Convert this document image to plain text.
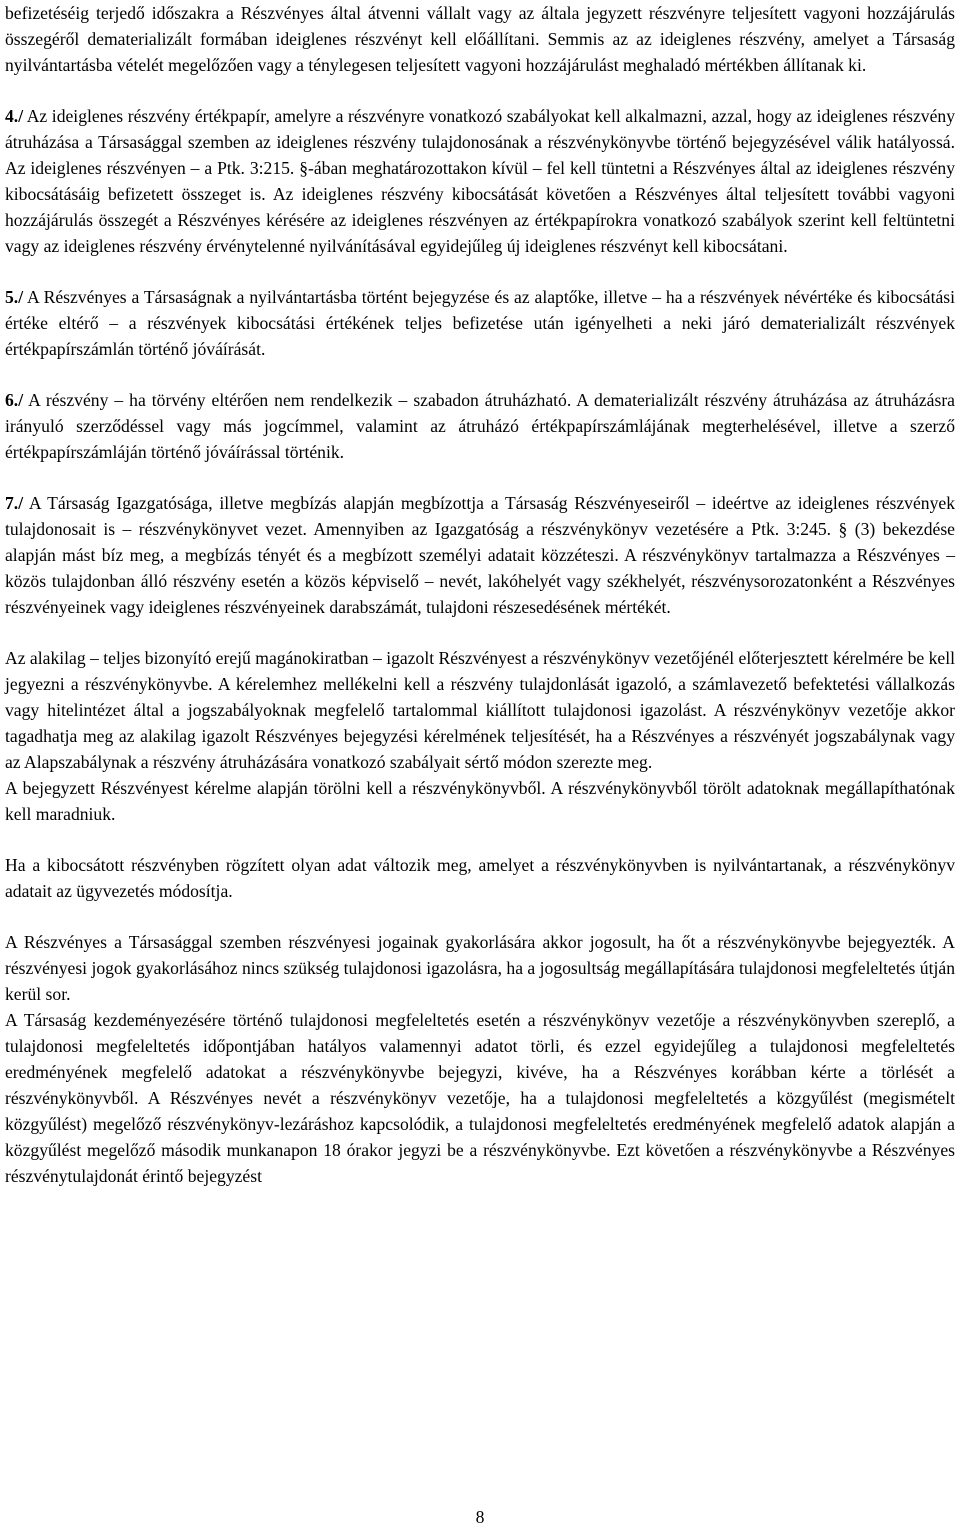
befizetéséig terjedő időszakra a Részvényes által átvenni vállalt vagy az általa jegyzett részvényre teljesített vagyoni hozzájárulás összegéről dematerializált formában ideiglenes részvényt kell előállítani. Semmis az az ideiglenes részvény, amelyet a Társaság nyilvántartásba vételét megelőzően vagy a ténylegesen teljesített vagyoni hozzájárulást meghaladó mértékben állítanak ki.

4./ Az ideiglenes részvény értékpapír, amelyre a részvényre vonatkozó szabályokat kell alkalmazni, azzal, hogy az ideiglenes részvény átruházása a Társasággal szemben az ideiglenes részvény tulajdonosának a részvénykönyvbe történő bejegyzésével válik hatályossá. Az ideiglenes részvényen – a Ptk. 3:215. §-ában meghatározottakon kívül – fel kell tüntetni a Részvényes által az ideiglenes részvény kibocsátásáig befizetett összeget is. Az ideiglenes részvény kibocsátását követően a Részvényes által teljesített további vagyoni hozzájárulás összegét a Részvényes kérésére az ideiglenes részvényen az értékpapírokra vonatkozó szabályok szerint kell feltüntetni vagy az ideiglenes részvény érvénytelenné nyilvánításával egyidejűleg új ideiglenes részvényt kell kibocsátani.

5./ A Részvényes a Társaságnak a nyilvántartásba történt bejegyzése és az alaptőke, illetve – ha a részvények névértéke és kibocsátási értéke eltérő – a részvények kibocsátási értékének teljes befizetése után igényelheti a neki járó dematerializált részvények értékpapírszámlán történő jóváírását.

6./ A részvény – ha törvény eltérően nem rendelkezik – szabadon átruházható. A dematerializált részvény átruházása az átruházásra irányuló szerződéssel vagy más jogcímmel, valamint az átruházó értékpapírszámlájának megterhelésével, illetve a szerző értékpapírszámláján történő jóváírással történik.

7./ A Társaság Igazgatósága, illetve megbízás alapján megbízottja a Társaság Részvényeseiről – ideértve az ideiglenes részvények tulajdonosait is – részvénykönyvet vezet. Amennyiben az Igazgatóság a részvénykönyv vezetésére a Ptk. 3:245. § (3) bekezdése alapján mást bíz meg, a megbízás tényét és a megbízott személyi adatait közzéteszi. A részvénykönyv tartalmazza a Részvényes – közös tulajdonban álló részvény esetén a közös képviselő – nevét, lakóhelyét vagy székhelyét, részvénysorozatonként a Részvényes részvényeinek vagy ideiglenes részvényeinek darabszámát, tulajdoni részesedésének mértékét.

Az alakilag – teljes bizonyító erejű magánokiratban – igazolt Részvényest a részvénykönyv vezetőjénél előterjesztett kérelmére be kell jegyezni a részvénykönyvbe. A kérelemhez mellékelni kell a részvény tulajdonlását igazoló, a számlavezető befektetési vállalkozás vagy hitelintézet által a jogszabályoknak megfelelő tartalommal kiállított tulajdonosi igazolást. A részvénykönyv vezetője akkor tagadhatja meg az alakilag igazolt Részvényes bejegyzési kérelmének teljesítését, ha a Részvényes a részvényét jogszabálynak vagy az Alapszabálynak a részvény átruházására vonatkozó szabályait sértő módon szerezte meg.

A bejegyzett Részvényest kérelme alapján törölni kell a részvénykönyvből. A részvénykönyvből törölt adatoknak megállapíthatónak kell maradniuk.

Ha a kibocsátott részvényben rögzített olyan adat változik meg, amelyet a részvénykönyvben is nyilvántartanak, a részvénykönyv adatait az ügyvezetés módosítja.

A Részvényes a Társasággal szemben részvényesi jogainak gyakorlására akkor jogosult, ha őt a részvénykönyvbe bejegyezték. A részvényesi jogok gyakorlásához nincs szükség tulajdonosi igazolásra, ha a jogosultság megállapítására tulajdonosi megfeleltetés útján kerül sor.

A Társaság kezdeményezésére történő tulajdonosi megfeleltetés esetén a részvénykönyv vezetője a részvénykönyvben szereplő, a tulajdonosi megfeleltetés időpontjában hatályos valamennyi adatot törli, és ezzel egyidejűleg a tulajdonosi megfeleltetés eredményének megfelelő adatokat a részvénykönyvbe bejegyzi, kivéve, ha a Részvényes korábban kérte a törlését a részvénykönyvből. A Részvényes nevét a részvénykönyv vezetője, ha a tulajdonosi megfeleltetés a közgyűlést (megismételt közgyűlést) megelőző részvénykönyv-lezáráshoz kapcsolódik, a tulajdonosi megfeleltetés eredményének megfelelő adatok alapján a közgyűlést megelőző második munkanapon 18 órakor jegyzi be a részvénykönyvbe. Ezt követően a részvénykönyvbe a Részvényes részvénytulajdonát érintő bejegyzést

8
